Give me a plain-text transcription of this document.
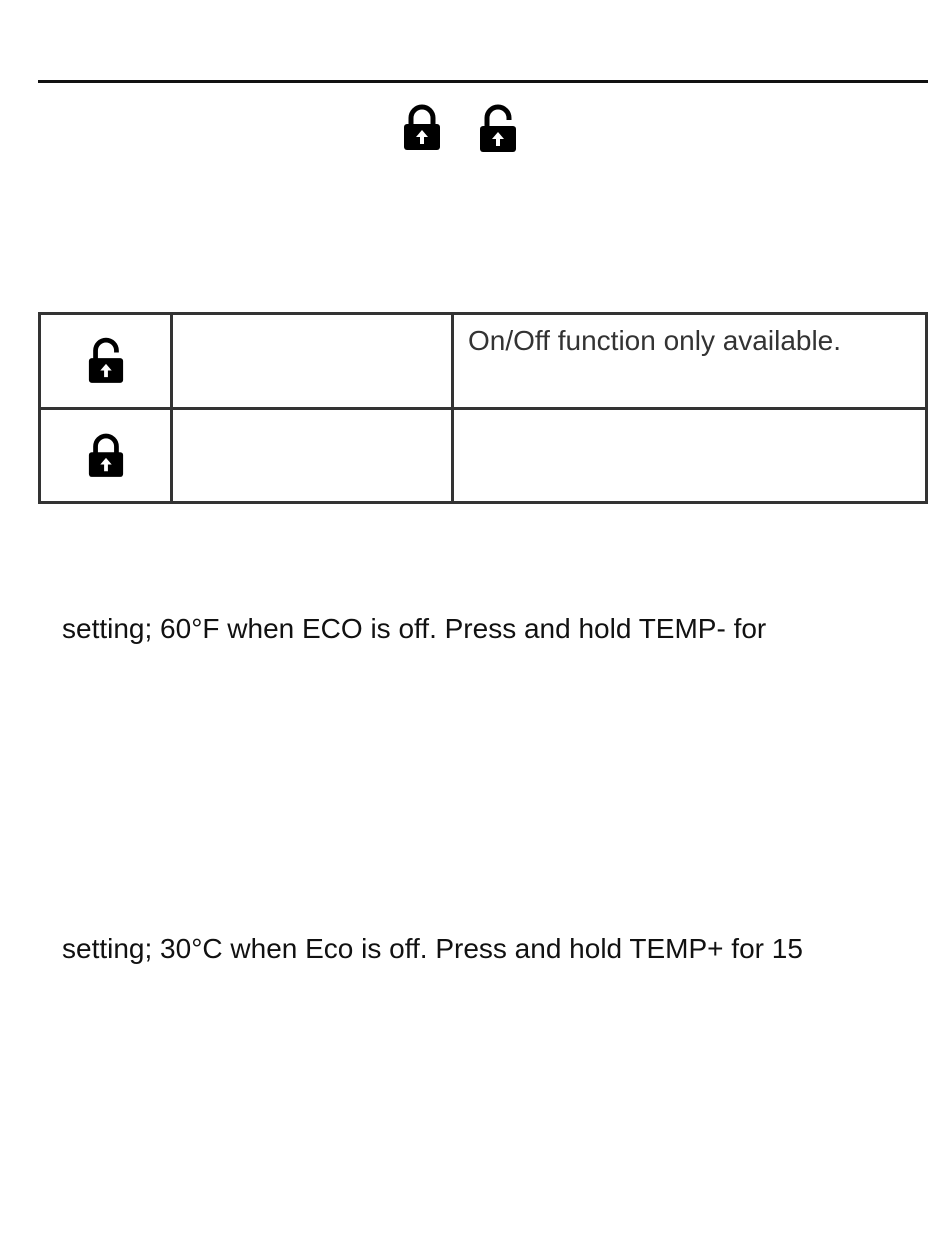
On/Off function only available.
setting; 60°F when ECO is off. Press and hold TEMP- for
setting; 30°C when Eco is off. Press and hold TEMP+ for 15
